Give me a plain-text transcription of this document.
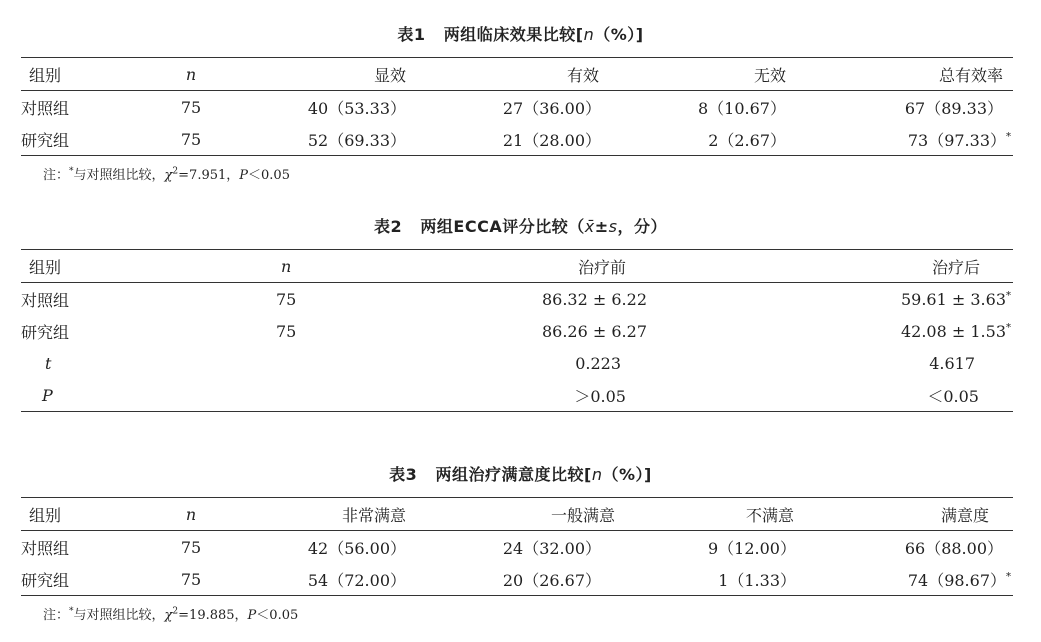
表1 两组临床效果比较[n（%）]
组别	n	显效	有效	无效	总有效率
对照组	75	40（53.33）	27（36.00）	8（10.67）	67（89.33）
研究组	75	52（69.33）	21（28.00）	2（2.67）	73（97.33）*
注：*与对照组比较，$\chi^2=7.951$，P＜0.05
表2 两组ECCA评分比较（x̄±s，分）
组别	n	治疗前	治疗后
对照组	75	86.32 ± 6.22	59.61 ± 3.63*
研究组	75	86.26 ± 6.27	42.08 ± 1.53*
t		0.223	4.617
P		＞0.05	＜0.05
表3 两组治疗满意度比较[n（%）]
组别	n	非常满意	一般满意	不满意	满意度
对照组	75	42（56.00）	24（32.00）	9（12.00）	66（88.00）
研究组	75	54（72.00）	20（26.67）	1（1.33）	74（98.67）*
注：*与对照组比较，$\chi^2=19.885$，P＜0.05
